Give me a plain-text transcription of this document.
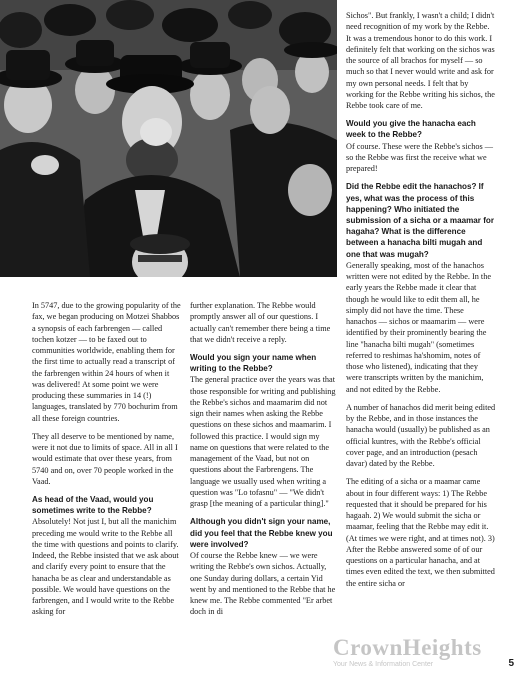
In 5747, due to the growing popularity of the fax, we began producing on Motzei Shabbos a synopsis of each farbrengen — called tochen kotzer — to be faxed out to communities worldwide, enabling them for the first time to actually read a transcript of the farbrengen within 24 hours of when it was delivered! At some point we were producing these summaries in 14 (!) languages, translated by 770 bochurim from all these foreign countries.

They all deserve to be mentioned by name, were it not due to limits of space. All in all I would estimate that over these years, from 5740 and on, over 70 people worked in the Vaad.

As head of the Vaad, would you sometimes write to the Rebbe?

Absolutely! Not just I, but all the manichim preceding me would write to the Rebbe all the time with questions and points to clarify. Indeed, the Rebbe insisted that we ask about and clarify every point to ensure that the hanacha be as clear and understandable as possible. We would have questions on the farbrengen, and I would write to the Rebbe asking for

further explanation. The Rebbe would promptly answer all of our questions. I actually can't remember there being a time that we didn't receive a reply.

Would you sign your name when writing to the Rebbe?

The general practice over the years was that those responsible for writing and publishing the Rebbe's sichos and maamarim did not sign their names when asking the Rebbe questions on these sichos and maamarim. I followed this practice. I would sign my name on questions that were related to the management of the Vaad, but not on questions about the Farbrengens. The language we usually used when writing a question was "Lo tofasnu" — "We didn't grasp [the meaning of a particular thing]."

Although you didn't sign your name, did you feel that the Rebbe knew you were involved?

Of course the Rebbe knew — we were writing the Rebbe's own sichos. Actually, one Sunday during dollars, a certain Yid went by and mentioned to the Rebbe that he knew me. The Rebbe commented "Er arbet doch in di

Sichos". But frankly, I wasn't a child; I didn't need recognition of my work by the Rebbe. It was a tremendous honor to do this work. I definitely felt that working on the sichos was the source of all brachos for myself — so much so that I never would write and ask for my own personal needs. I felt that by working for the Rebbe writing his sichos, the Rebbe took care of me.

Would you give the hanacha each week to the Rebbe?

Of course. These were the Rebbe's sichos — so the Rebbe was first the receive what we prepared!

Did the Rebbe edit the hanachos? If yes, what was the process of this happening? Who initiated the submission of a sicha or a maamar for hagaha? What is the difference between a hanacha bilti mugah and one that was mugah?

Generally speaking, most of the hanachos written were not edited by the Rebbe. In the early years the Rebbe made it clear that though he would like to edit them all, he simply did not have the time. These hanachos — sichos or maamarim — were identified by their prominently bearing the line "hanacha bilti mugah" (sometimes referred to reshimas ha'shomim, notes of those who listened), indicating that they were transcripts written by the manichim, and not edited by the Rebbe.

A number of hanachos did merit being edited by the Rebbe, and in those instances the hanacha would (usually) be published as an official kuntres, with the Rebbe's official cover page, and an introduction (pesach davar) dated by the Rebbe.

The editing of a sicha or a maamar came about in four different ways: 1) The Rebbe requested that it should be prepared for his hagaah. 2) We would submit the sicha or maamar, feeling that the Rebbe may edit it. (At times we were right, and at times not). 3) After the Rebbe answered some of of our questions on a particular hanacha, and at times even edited the text, we then submitted the entire sicha or

CrownHeights
Your News & Information Center	5
